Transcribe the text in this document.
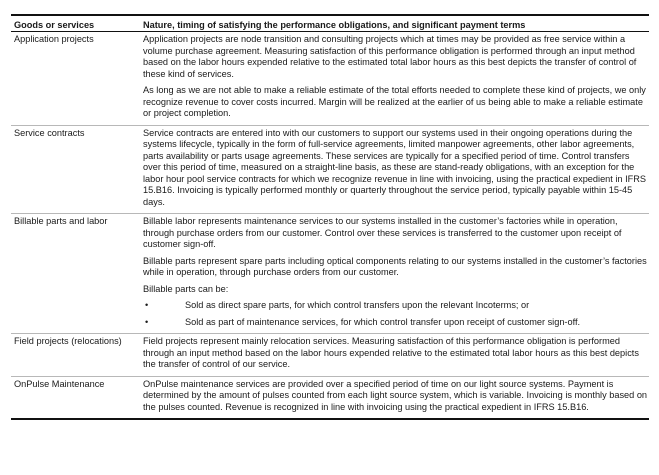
Goods or services	Nature, timing of satisfying the performance obligations, and significant payment terms
Application projects	Application projects are node transition and consulting projects which at times may be provided as free service within a volume purchase agreement. Measuring satisfaction of this performance obligation is performed through an input method based on the labor hours expended relative to the estimated total labor hours as this best depicts the transfer of control of these kind of services.

As long as we are not able to make a reliable estimate of the total efforts needed to complete these kind of projects, we only recognize revenue to cover costs incurred. Margin will be realized at the earlier of us being able to make a reliable estimate or project completion.

Service contracts	Service contracts are entered into with our customers to support our systems used in their ongoing operations during the systems lifecycle, typically in the form of full-service agreements, limited manpower agreements, other labor agreements, parts availability or parts usage agreements. These services are typically for a specified period of time. Control transfers over this period of time, measured on a straight-line basis, as these are stand-ready obligations, with an exception for the labor hour pool service contracts for which we recognize revenue in line with invoicing, using the practical expedient in IFRS 15.B16. Invoicing is typically performed monthly or quarterly throughout the service period, typically payable within 15-45 days.

Billable parts and labor	Billable labor represents maintenance services to our systems installed in the customer’s factories while in operation, through purchase orders from our customer. Control over these services is transferred to the customer upon receipt of customer sign-off.

Billable parts represent spare parts including optical components relating to our systems installed in the customer’s factories while in operation, through purchase orders from our customer.

Billable parts can be:

•	Sold as direct spare parts, for which control transfers upon the relevant Incoterms; or
•	Sold as part of maintenance services, for which control transfer upon receipt of customer sign-off.
Field projects (relocations)	Field projects represent mainly relocation services. Measuring satisfaction of this performance obligation is performed through an input method based on the labor hours expended relative to the estimated total labor hours as this best depicts the transfer of control of our service.

OnPulse Maintenance	OnPulse maintenance services are provided over a specified period of time on our light source systems. Payment is determined by the amount of pulses counted from each light source system, which is variable. Invoicing is monthly based on the pulses counted. Revenue is recognized in line with invoicing using the practical expedient in IFRS 15.B16.
